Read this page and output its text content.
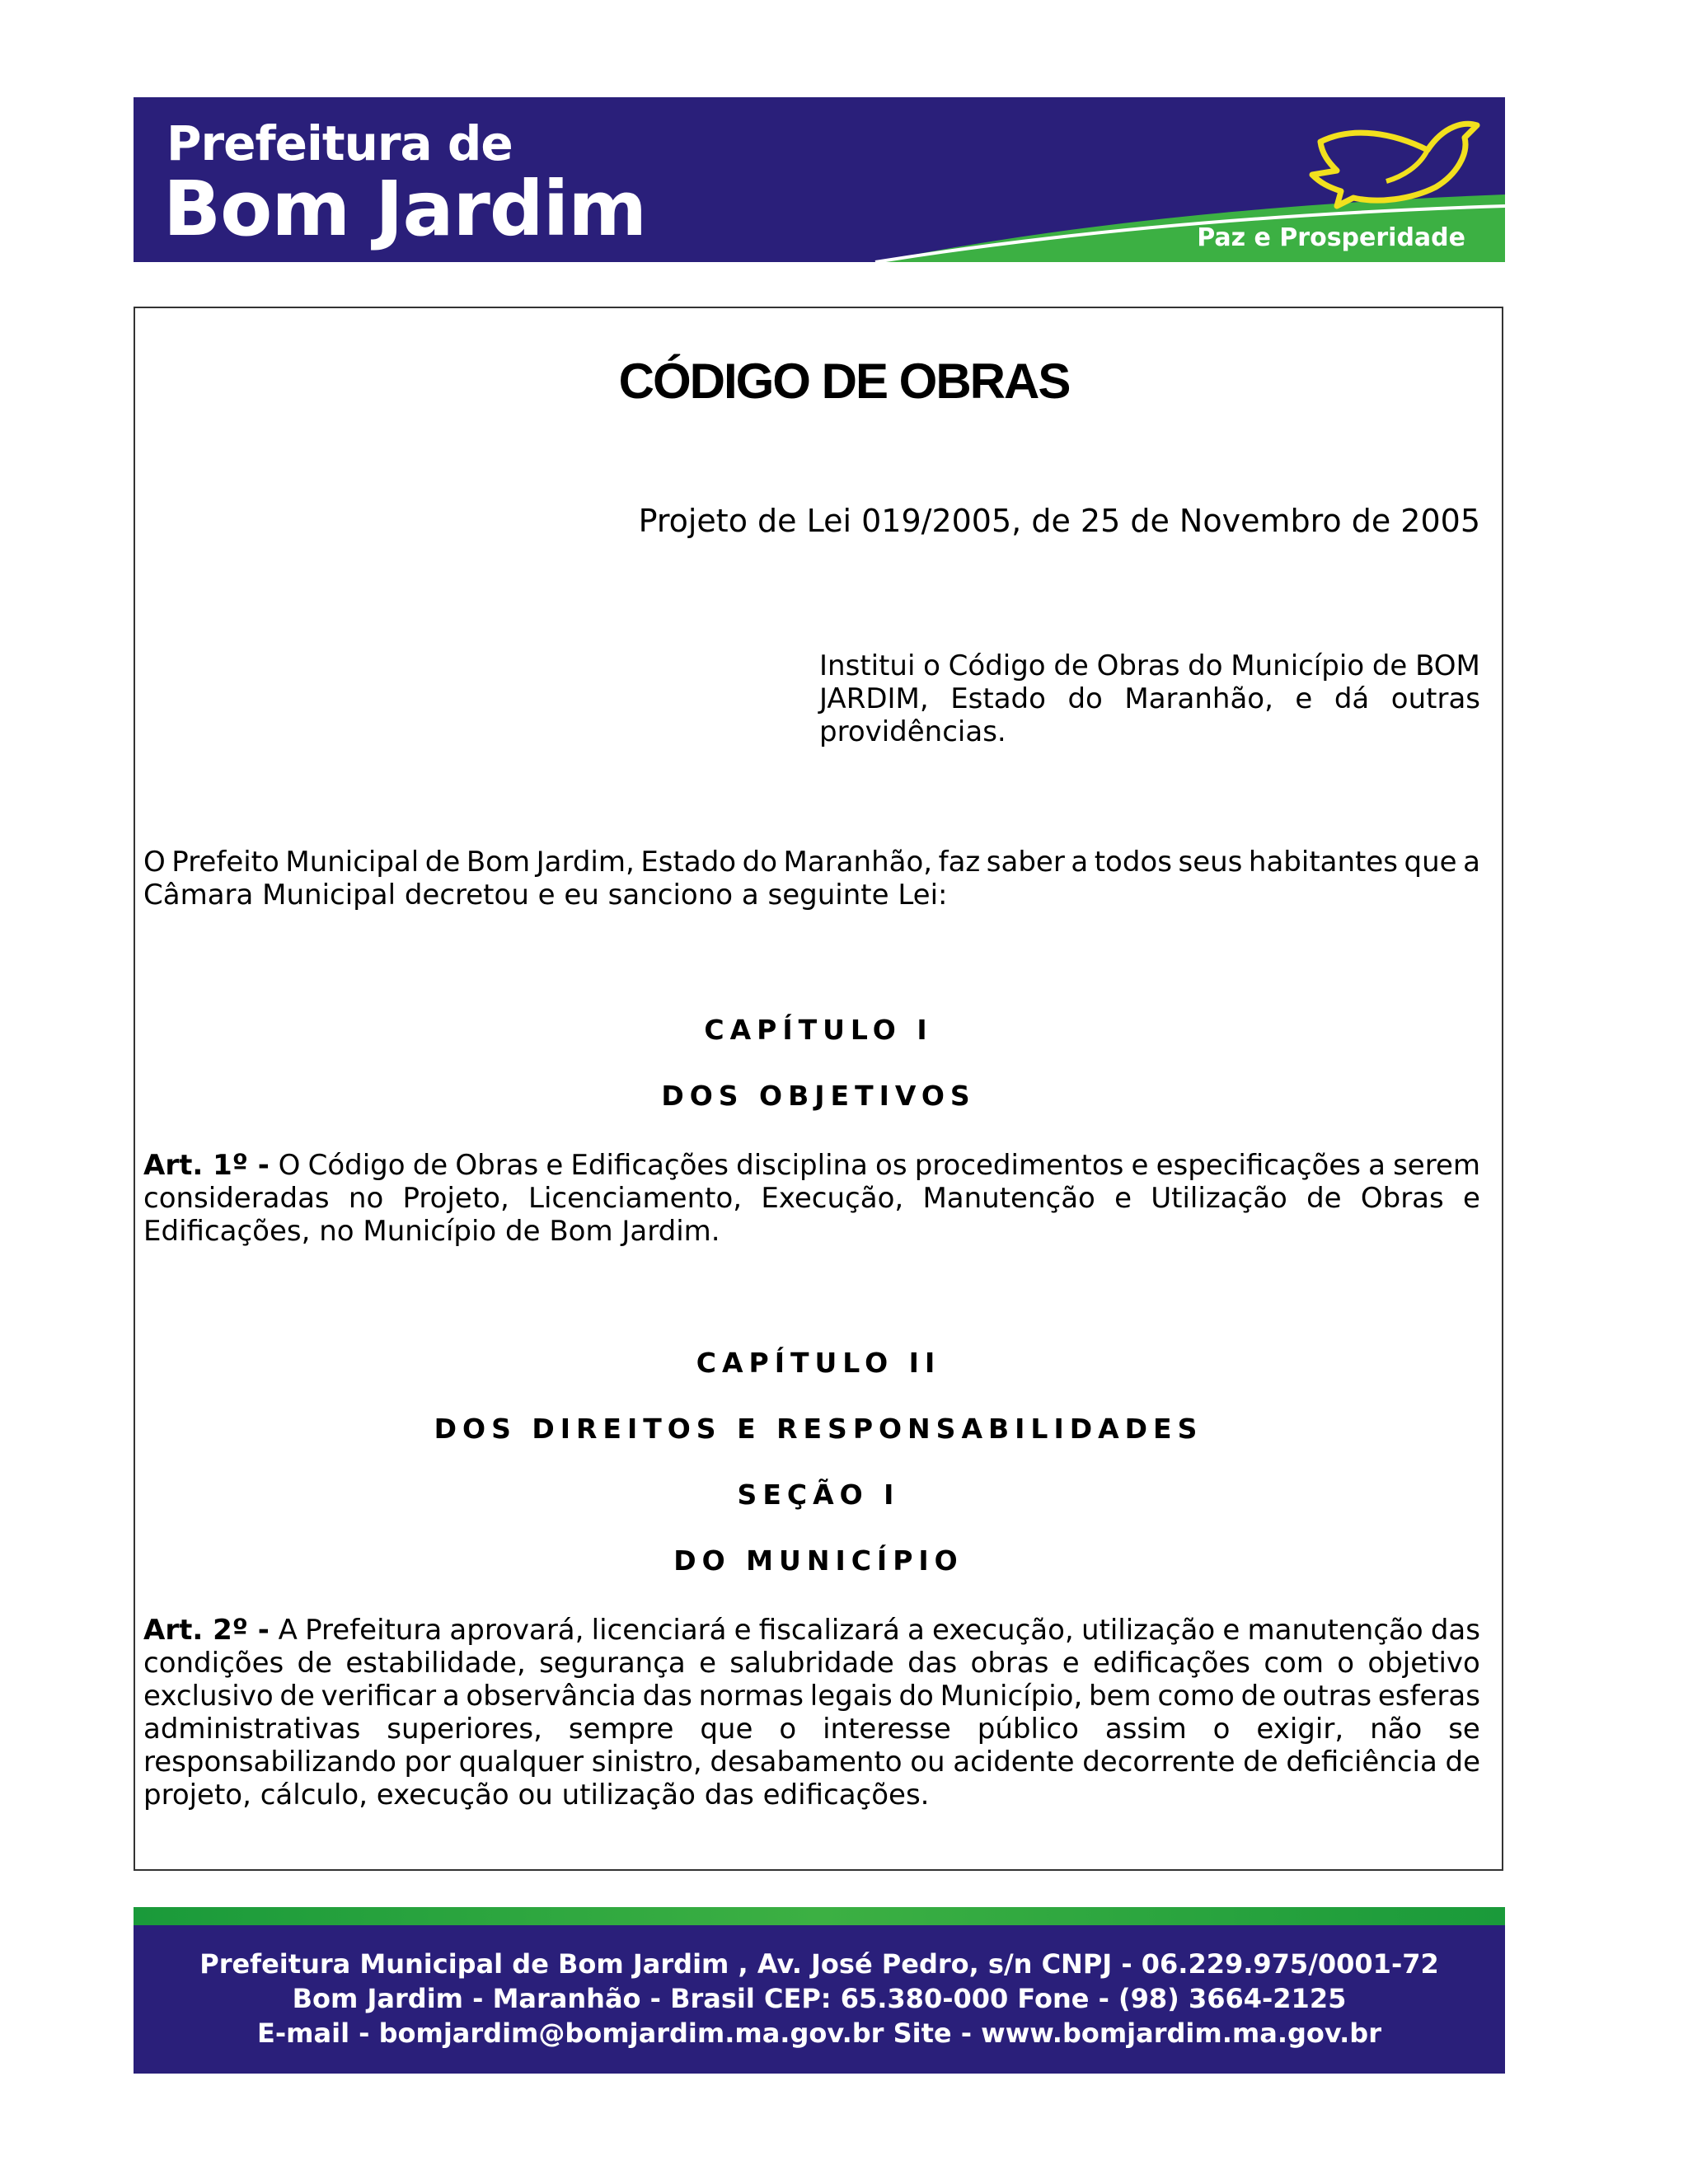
Prefeitura de
Bom Jardim	Paz e Prosperidade
CÓDIGO DE OBRAS
Projeto de Lei 019/2005, de 25 de Novembro de 2005
Institui o Código de Obras do Município de BOM
JARDIM, Estado do Maranhão, e dá outras
providências.
O Prefeito Municipal de Bom Jardim, Estado do Maranhão, faz saber a todos seus habitantes que a
Câmara Municipal decretou e eu sanciono a seguinte Lei:
CAPÍTULO I
DOS OBJETIVOS
Art. 1º - O Código de Obras e Edificações disciplina os procedimentos e especificações a serem
consideradas no Projeto, Licenciamento, Execução, Manutenção e Utilização de Obras e
Edificações, no Município de Bom Jardim.
CAPÍTULO II
DOS DIREITOS E RESPONSABILIDADES
SEÇÃO I
DO MUNICÍPIO
Art. 2º - A Prefeitura aprovará, licenciará e fiscalizará a execução, utilização e manutenção das
condições de estabilidade, segurança e salubridade das obras e edificações com o objetivo
exclusivo de verificar a observância das normas legais do Município, bem como de outras esferas
administrativas superiores, sempre que o interesse público assim o exigir, não se
responsabilizando por qualquer sinistro, desabamento ou acidente decorrente de deficiência de
projeto, cálculo, execução ou utilização das edificações.
Prefeitura Municipal de Bom Jardim , Av. José Pedro, s/n CNPJ - 06.229.975/0001-72
Bom Jardim - Maranhão - Brasil CEP: 65.380-000 Fone - (98) 3664-2125
E-mail - bomjardim@bomjardim.ma.gov.br Site - www.bomjardim.ma.gov.br
